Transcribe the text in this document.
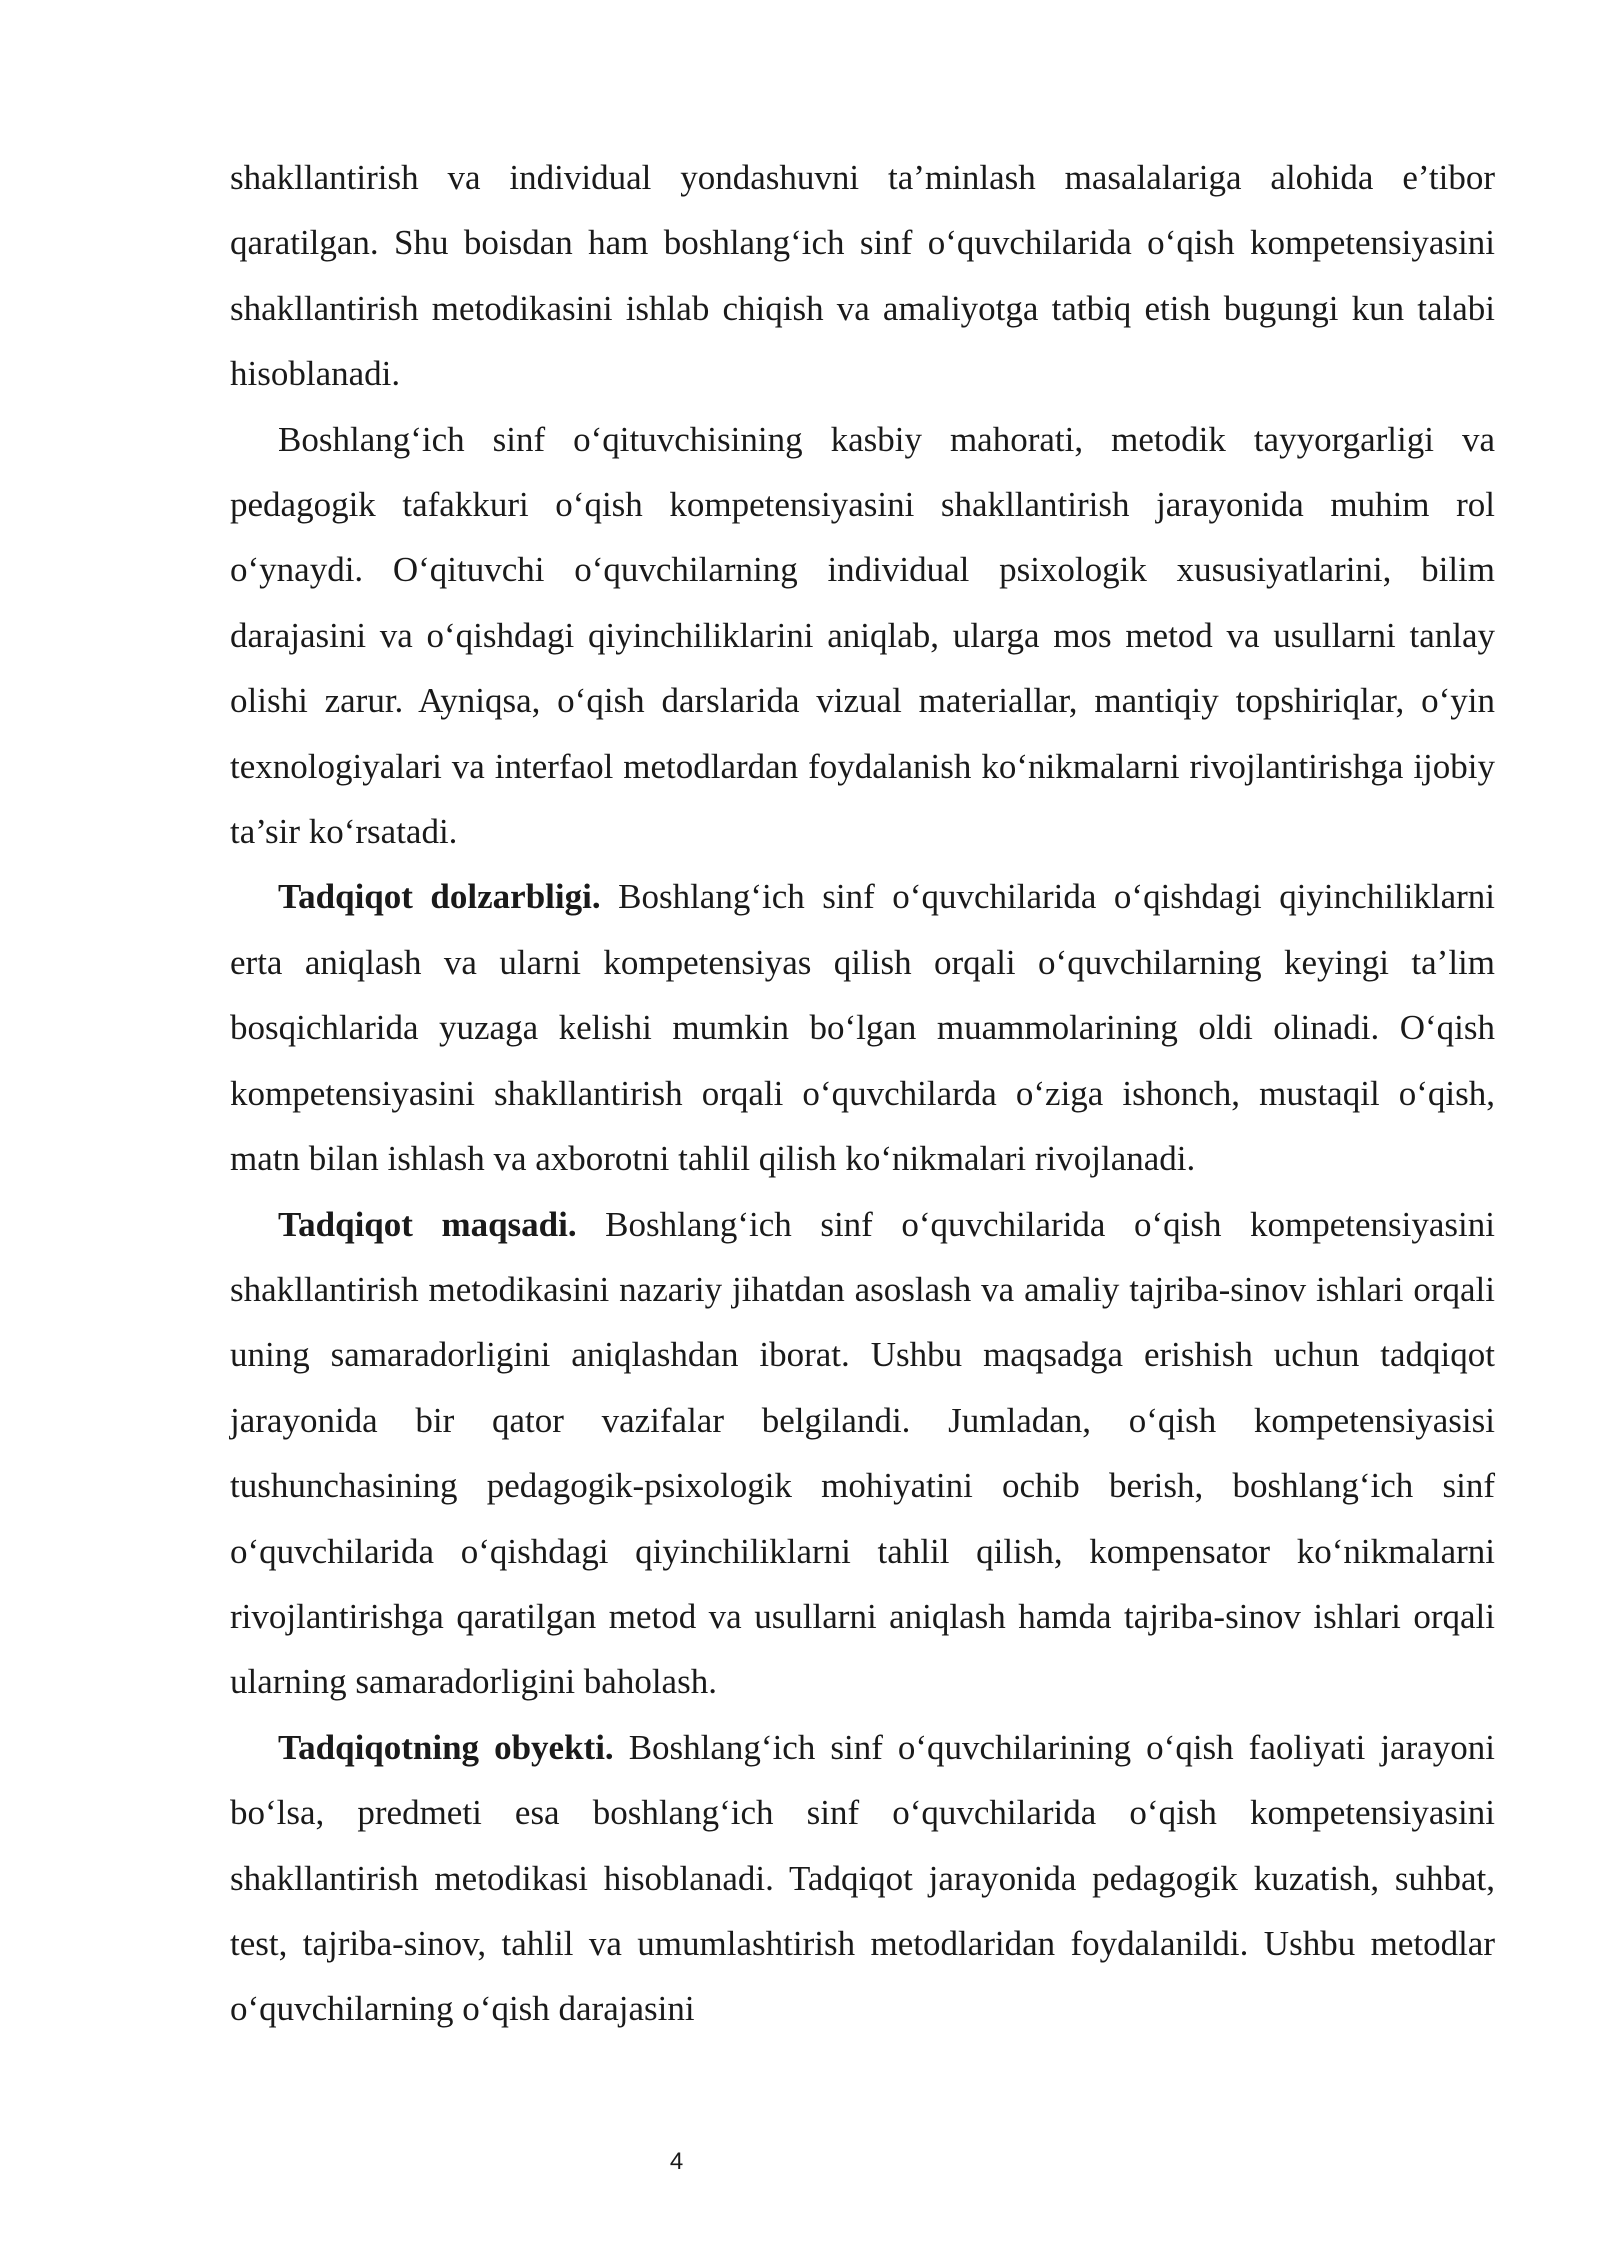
shakllantirish va individual yondashuvni ta’minlash masalalariga alohida e’tibor qaratilgan. Shu boisdan ham boshlang‘ich sinf o‘quvchilarida o‘qish kompetensiyasini shakllantirish metodikasini ishlab chiqish va amaliyotga tatbiq etish bugungi kun talabi hisoblanadi.

Boshlang‘ich sinf o‘qituvchisining kasbiy mahorati, metodik tayyorgarligi va pedagogik tafakkuri o‘qish kompetensiyasini shakllantirish jarayonida muhim rol o‘ynaydi. O‘qituvchi o‘quvchilarning individual psixologik xususiyatlarini, bilim darajasini va o‘qishdagi qiyinchiliklarini aniqlab, ularga mos metod va usullarni tanlay olishi zarur. Ayniqsa, o‘qish darslarida vizual materiallar, mantiqiy topshiriqlar, o‘yin texnologiyalari va interfaol metodlardan foydalanish ko‘nikmalarni rivojlantirishga ijobiy ta’sir ko‘rsatadi.

Tadqiqot dolzarbligi. Boshlang‘ich sinf o‘quvchilarida o‘qishdagi qiyinchiliklarni erta aniqlash va ularni kompetensiyas qilish orqali o‘quvchilarning keyingi ta’lim bosqichlarida yuzaga kelishi mumkin bo‘lgan muammolarining oldi olinadi. O‘qish kompetensiyasini shakllantirish orqali o‘quvchilarda o‘ziga ishonch, mustaqil o‘qish, matn bilan ishlash va axborotni tahlil qilish ko‘nikmalari rivojlanadi.

Tadqiqot maqsadi. Boshlang‘ich sinf o‘quvchilarida o‘qish kompetensiyasini shakllantirish metodikasini nazariy jihatdan asoslash va amaliy tajriba-sinov ishlari orqali uning samaradorligini aniqlashdan iborat. Ushbu maqsadga erishish uchun tadqiqot jarayonida bir qator vazifalar belgilandi. Jumladan, o‘qish kompetensiyasisi tushunchasining pedagogik-psixologik mohiyatini ochib berish, boshlang‘ich sinf o‘quvchilarida o‘qishdagi qiyinchiliklarni tahlil qilish, kompensator ko‘nikmalarni rivojlantirishga qaratilgan metod va usullarni aniqlash hamda tajriba-sinov ishlari orqali ularning samaradorligini baholash.

Tadqiqotning obyekti. Boshlang‘ich sinf o‘quvchilarining o‘qish faoliyati jarayoni bo‘lsa, predmeti esa boshlang‘ich sinf o‘quvchilarida o‘qish kompetensiyasini shakllantirish metodikasi hisoblanadi. Tadqiqot jarayonida pedagogik kuzatish, suhbat, test, tajriba-sinov, tahlil va umumlashtirish metodlaridan foydalanildi. Ushbu metodlar o‘quvchilarning o‘qish darajasini

4
